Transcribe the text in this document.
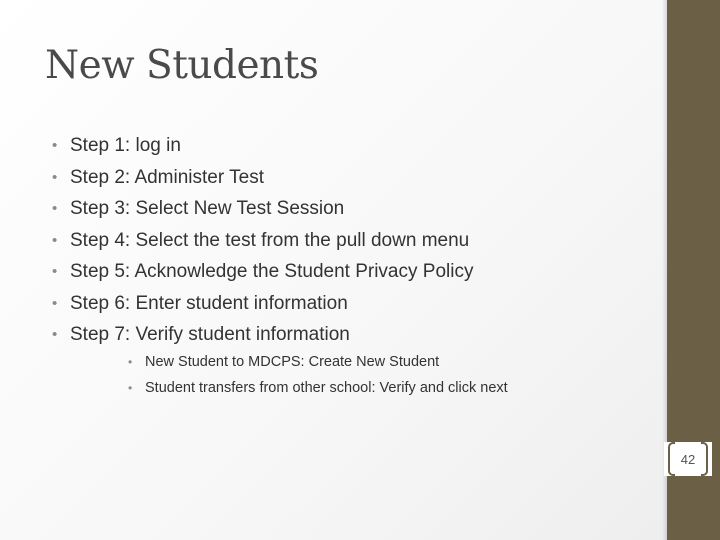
New Students
• Step 1: log in
• Step 2: Administer Test
• Step 3: Select New Test Session
• Step 4: Select the test from the pull down menu
• Step 5: Acknowledge the Student Privacy Policy
• Step 6: Enter student information
• Step 7: Verify student information
• New Student to MDCPS: Create New Student
• Student transfers from other school: Verify and click next
42
